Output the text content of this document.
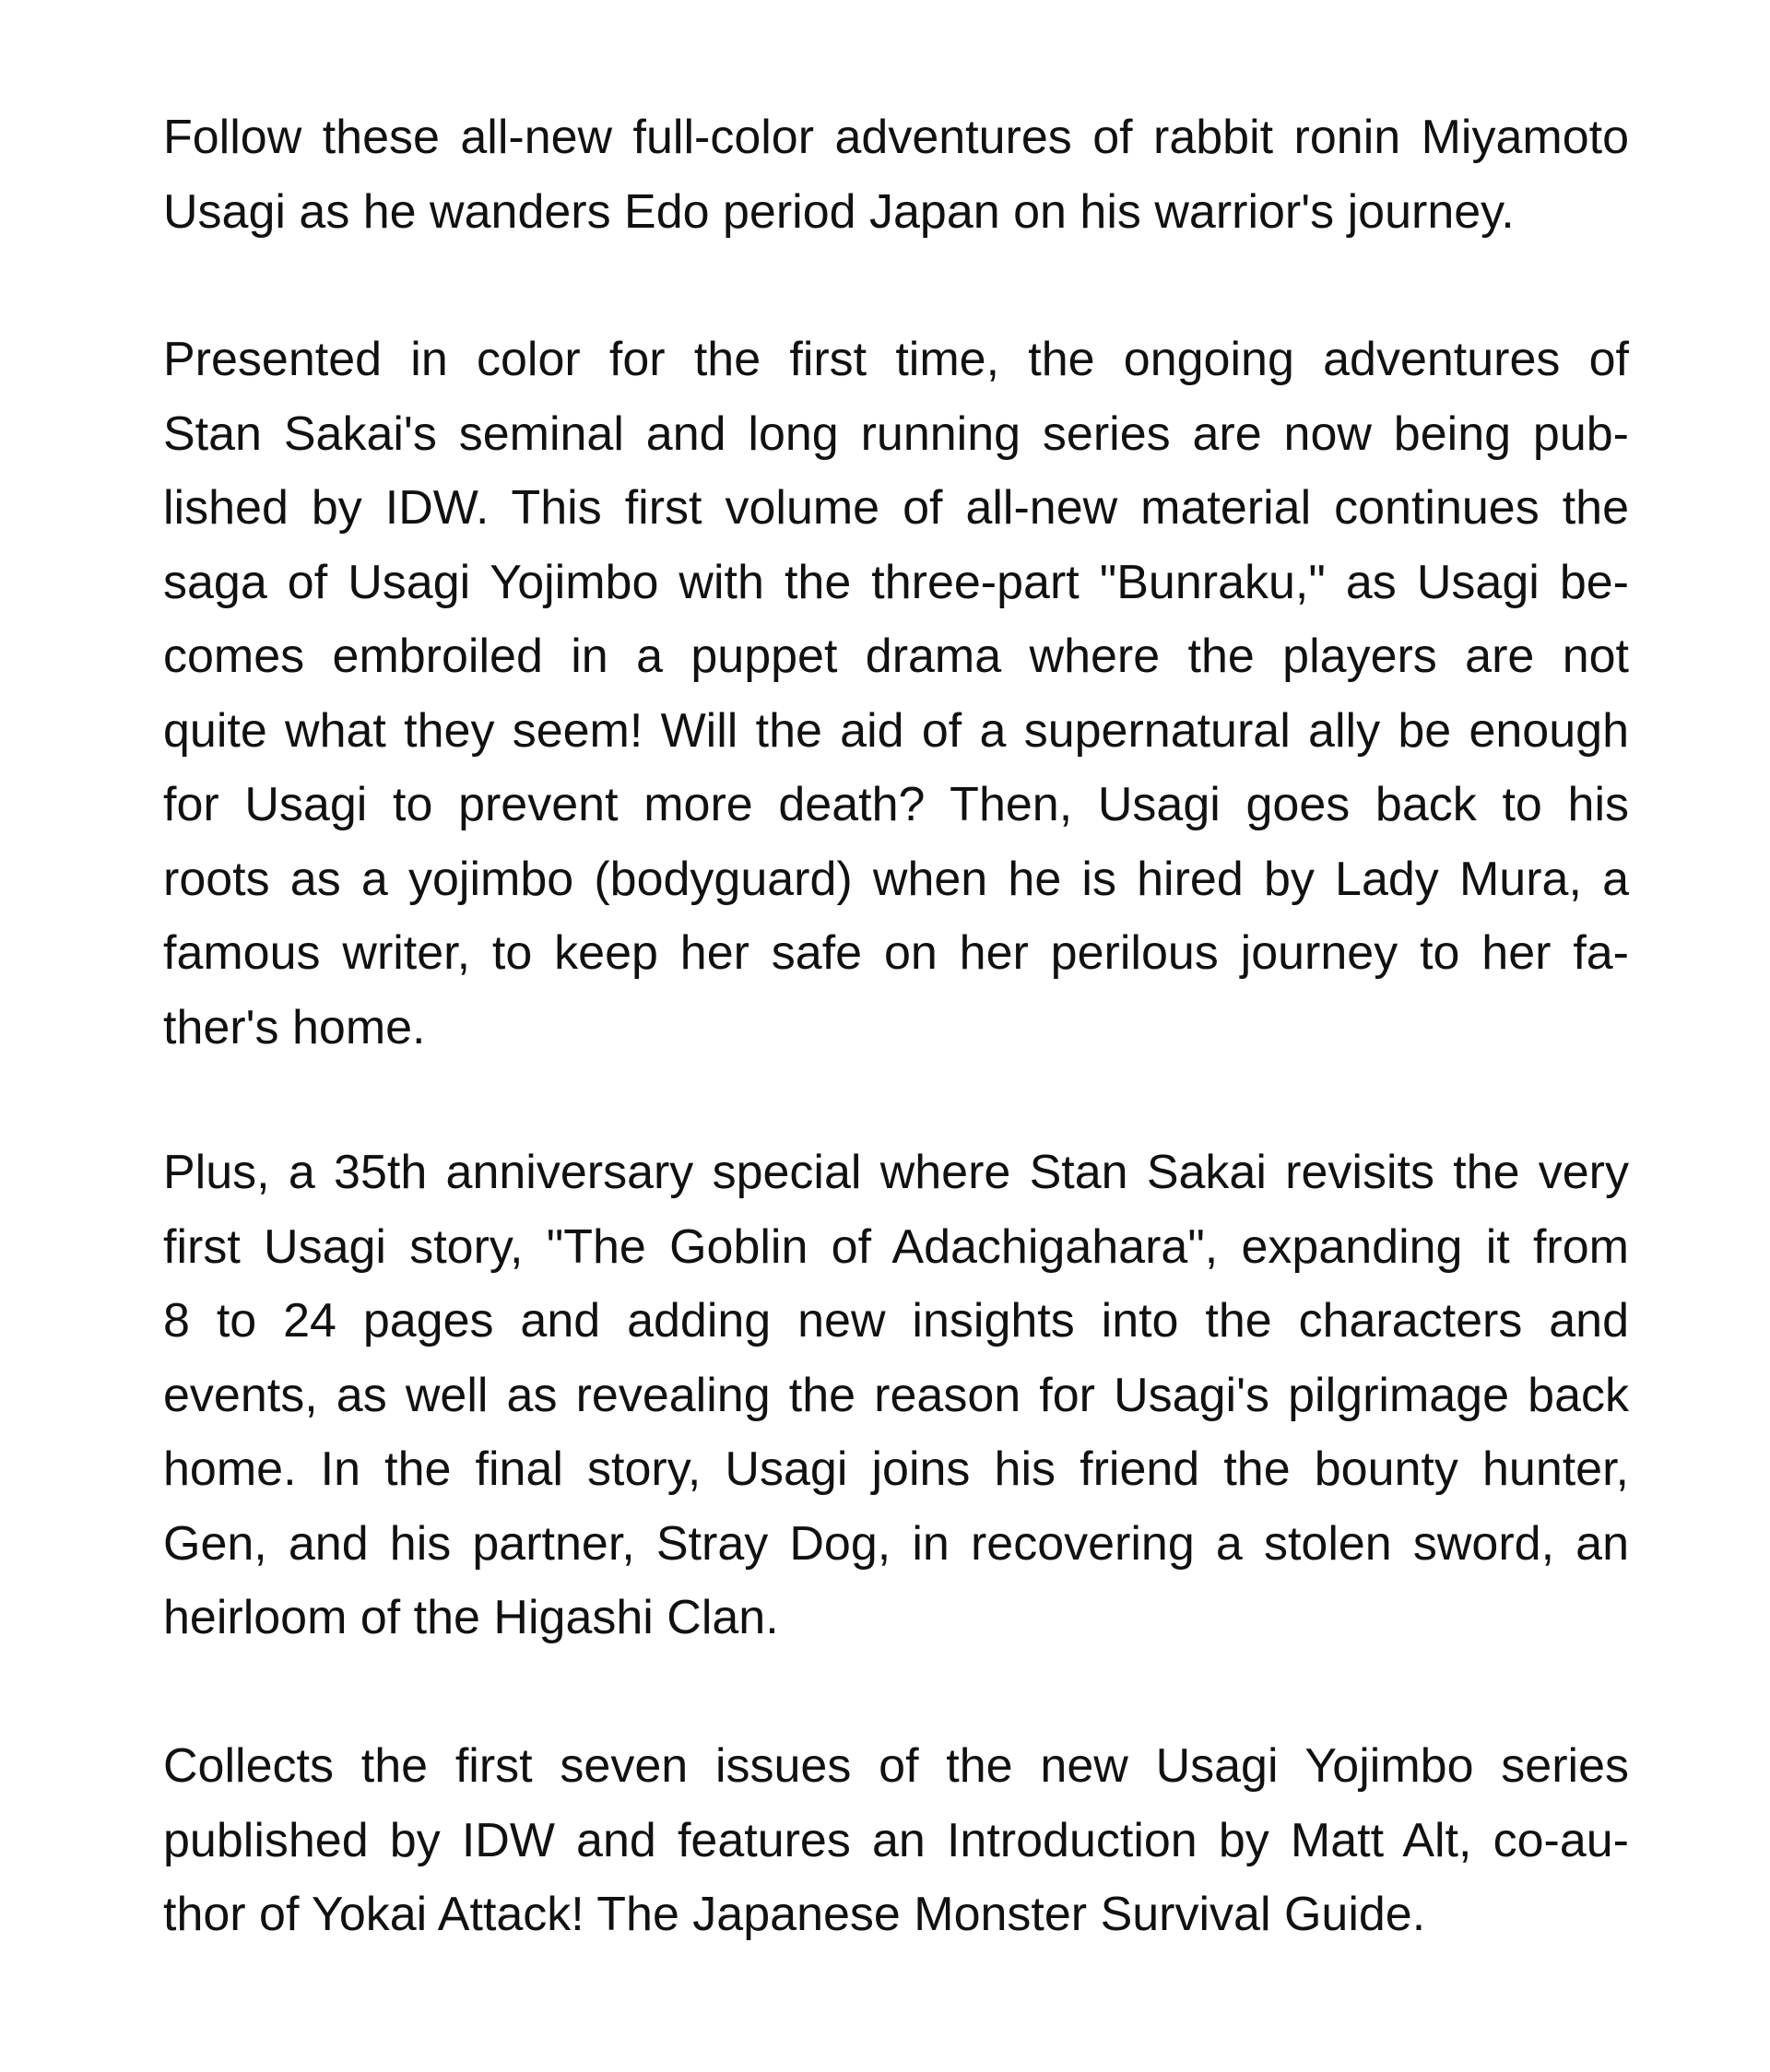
Follow these all-new full-color adventures of rabbit ronin Miyamoto
Usagi as he wanders Edo period Japan on his warrior's journey.

Presented in color for the first time, the ongoing adventures of
Stan Sakai's seminal and long running series are now being pub-
lished by IDW. This first volume of all-new material continues the
saga of Usagi Yojimbo with the three-part "Bunraku," as Usagi be-
comes embroiled in a puppet drama where the players are not
quite what they seem! Will the aid of a supernatural ally be enough
for Usagi to prevent more death? Then, Usagi goes back to his
roots as a yojimbo (bodyguard) when he is hired by Lady Mura, a
famous writer, to keep her safe on her perilous journey to her fa-
ther's home.

Plus, a 35th anniversary special where Stan Sakai revisits the very
first Usagi story, "The Goblin of Adachigahara", expanding it from
8 to 24 pages and adding new insights into the characters and
events, as well as revealing the reason for Usagi's pilgrimage back
home. In the final story, Usagi joins his friend the bounty hunter,
Gen, and his partner, Stray Dog, in recovering a stolen sword, an
heirloom of the Higashi Clan.

Collects the first seven issues of the new Usagi Yojimbo series
published by IDW and features an Introduction by Matt Alt, co-au-
thor of Yokai Attack! The Japanese Monster Survival Guide.
